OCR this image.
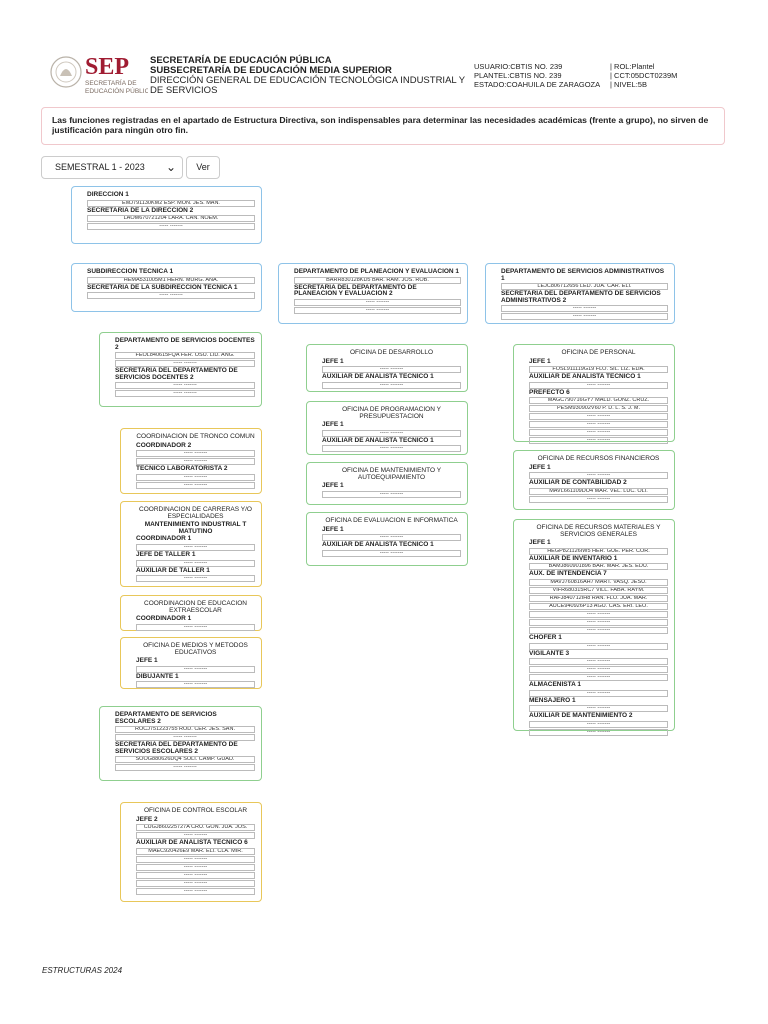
SEP
SECRETARÍA DE
EDUCACIÓN PÚBLICA
SECRETARÍA DE EDUCACIÓN PÚBLICA
SUBSECRETARÍA DE EDUCACIÓN MEDIA SUPERIOR
DIRECCIÓN GENERAL DE EDUCACIÓN TECNOLÓGICA INDUSTRIAL Y
DE SERVICIOS
USUARIO:CBTIS NO. 239
PLANTEL:CBTIS NO. 239
ESTADO:COAHUILA DE ZARAGOZA
| ROL:Plantel
| CCT:05DCT0239M
| NIVEL:5B
Las funciones registradas en el apartado de Estructura Directiva, son indispensables para determinar las necesidades académicas (frente a grupo), no sirven de justificación para ningún otro fin.
SEMESTRAL 1 - 2023 ⌄	Ver
DIRECCION 1
EMJ791130KM2 ESP. MON. JES. MAN.
SECRETARIA DE LA DIRECCION 2
LAOM670721204 LARA. CAN. NOEM.
----- -------
SUBDIRECCION TECNICA 1
HEMA531005M1 HERN. MURG. ANA.
SECRETARIA DE LA SUBDIRECCION TECNICA 1
----- -------
DEPARTAMENTO DE PLANEACION Y EVALUACION 1
BARR830128KD5 BAR. RAM. JOS. ROB.
SECRETARIA DEL DEPARTAMENTO DE PLANEACION Y EVALUACION 2
----- -------
----- -------
DEPARTAMENTO DE SERVICIOS ADMINISTRATIVOS 1
LEJC806712656 LED. JUA. CAR. ELI.
SECRETARIA DEL DEPARTAMENTO DE SERVICIOS ADMINISTRATIVOS 2
----- -------
----- -------
DEPARTAMENTO DE SERVICIOS DOCENTES 2
FEOL840615FQA FER. OSU. LID. ANG.
----- -------
SECRETARIA DEL DEPARTAMENTO DE SERVICIOS DOCENTES 2
----- -------
----- -------
COORDINACION DE TRONCO COMUN
COORDINADOR 2
----- -------
----- -------
TECNICO LABORATORISTA 2
----- -------
----- -------
COORDINACION DE CARRERAS Y/O ESPECIALIDADES
MANTENIMIENTO INDUSTRIAL T MATUTINO
COORDINADOR 1
----- -------
JEFE DE TALLER 1
----- -------
AUXILIAR DE TALLER 1
----- -------
COORDINACION DE EDUCACION EXTRAESCOLAR
COORDINADOR 1
----- -------
OFICINA DE MEDIOS Y METODOS EDUCATIVOS
JEFE 1
----- -------
DIBUJANTE 1
----- -------
DEPARTAMENTO DE SERVICIOS ESCOLARES 2
ROCJ751223755 ROD. CER. JES. SAN.
----- -------
SECRETARIA DEL DEPARTAMENTO DE SERVICIOS ESCOLARES 2
SOOG880626DQ4 SOLI. CAMP. GUAD.
----- -------
OFICINA DE CONTROL ESCOLAR
JEFE 2
CUGJ860225727A CRU. GON. JUA. JOS.
----- -------
AUXILIAR DE ANALISTA TECNICO 6
MAEC920426E9 MAR. ELI. CLA. MIR.
----- -------
----- -------
----- -------
----- -------
----- -------
OFICINA DE DESARROLLO
JEFE 1
----- -------
AUXILIAR DE ANALISTA TECNICO 1
----- -------
OFICINA DE PROGRAMACION Y PRESUPUESTACION
JEFE 1
----- -------
AUXILIAR DE ANALISTA TECNICO 1
----- -------
OFICINA DE MANTENIMIENTO Y AUTOEQUIPAMIENTO
JEFE 1
----- -------
OFICINA DE EVALUACION E INFORMATICA
JEFE 1
----- -------
AUXILIAR DE ANALISTA TECNICO 1
----- -------
OFICINA DE PERSONAL
JEFE 1
FOSL911119G19 FLO. SIL. LIZ. EDA.
AUXILIAR DE ANALISTA TECNICO 1
----- -------
PREFECTO 6
MAGC790716GY7 MALD. GONZ. CRUZ.
PESM930902V60 P. D. L. S. J. M.
----- -------
----- -------
----- -------
----- -------
OFICINA DE RECURSOS FINANCIEROS
JEFE 1
----- -------
AUXILIAR DE CONTABILIDAD 2
MAVL661109DO4 MAR. VEL. LUC. OLI.
----- -------
OFICINA DE RECURSOS MATERIALES Y SERVICIOS GENERALES
JEFE 1
HEGP821126IW5 HER. GUE. PER. COR.
AUXILIAR DE INVENTARIO 1
BAMJ860901896 BAR. MAR. JES. EDU.
AUX. DE INTENDENCIA 7
MAVJ760816AH7 MART. VASQ. JESU.
VIFR680315RC7 VILL. FABA. RAYM.
RAFJ840712IH8 RAN. FLO. JUA. MAR.
AUCE940926P13 AGU. CAS. ERI. LEO.
----- -------
----- -------
----- -------
CHOFER 1
----- -------
VIGILANTE 3
----- -------
----- -------
----- -------
ALMACENISTA 1
----- -------
MENSAJERO 1
----- -------
AUXILIAR DE MANTENIMIENTO 2
----- -------
----- -------
ESTRUCTURAS 2024
